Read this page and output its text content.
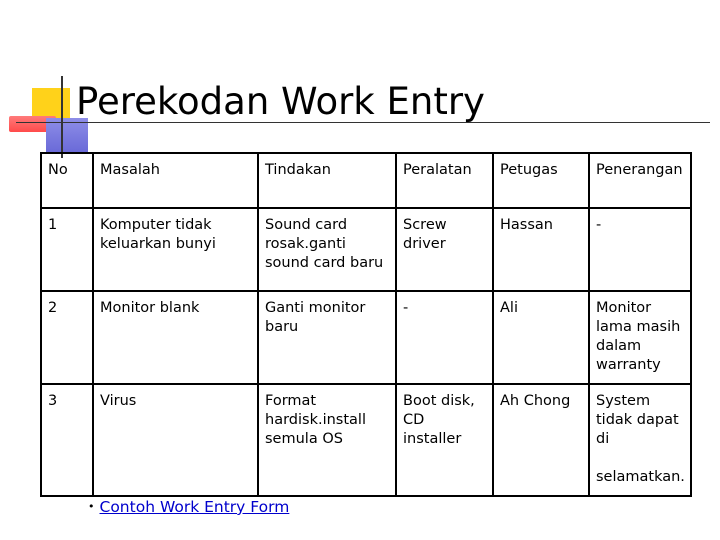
Perekodan Work Entry
No	Masalah	Tindakan	Peralatan	Petugas	Penerangan
1	Komputer tidak keluarkan bunyi	Sound card rosak.ganti sound card baru	Screw driver	Hassan	-
2	Monitor blank	Ganti monitor baru	-	Ali	Monitor lama masih dalam warranty
3	Virus	Format hardisk.install semula OS	Boot disk, CD installer	Ah Chong	System tidak dapat di

selamatkan.
• Contoh Work Entry Form
